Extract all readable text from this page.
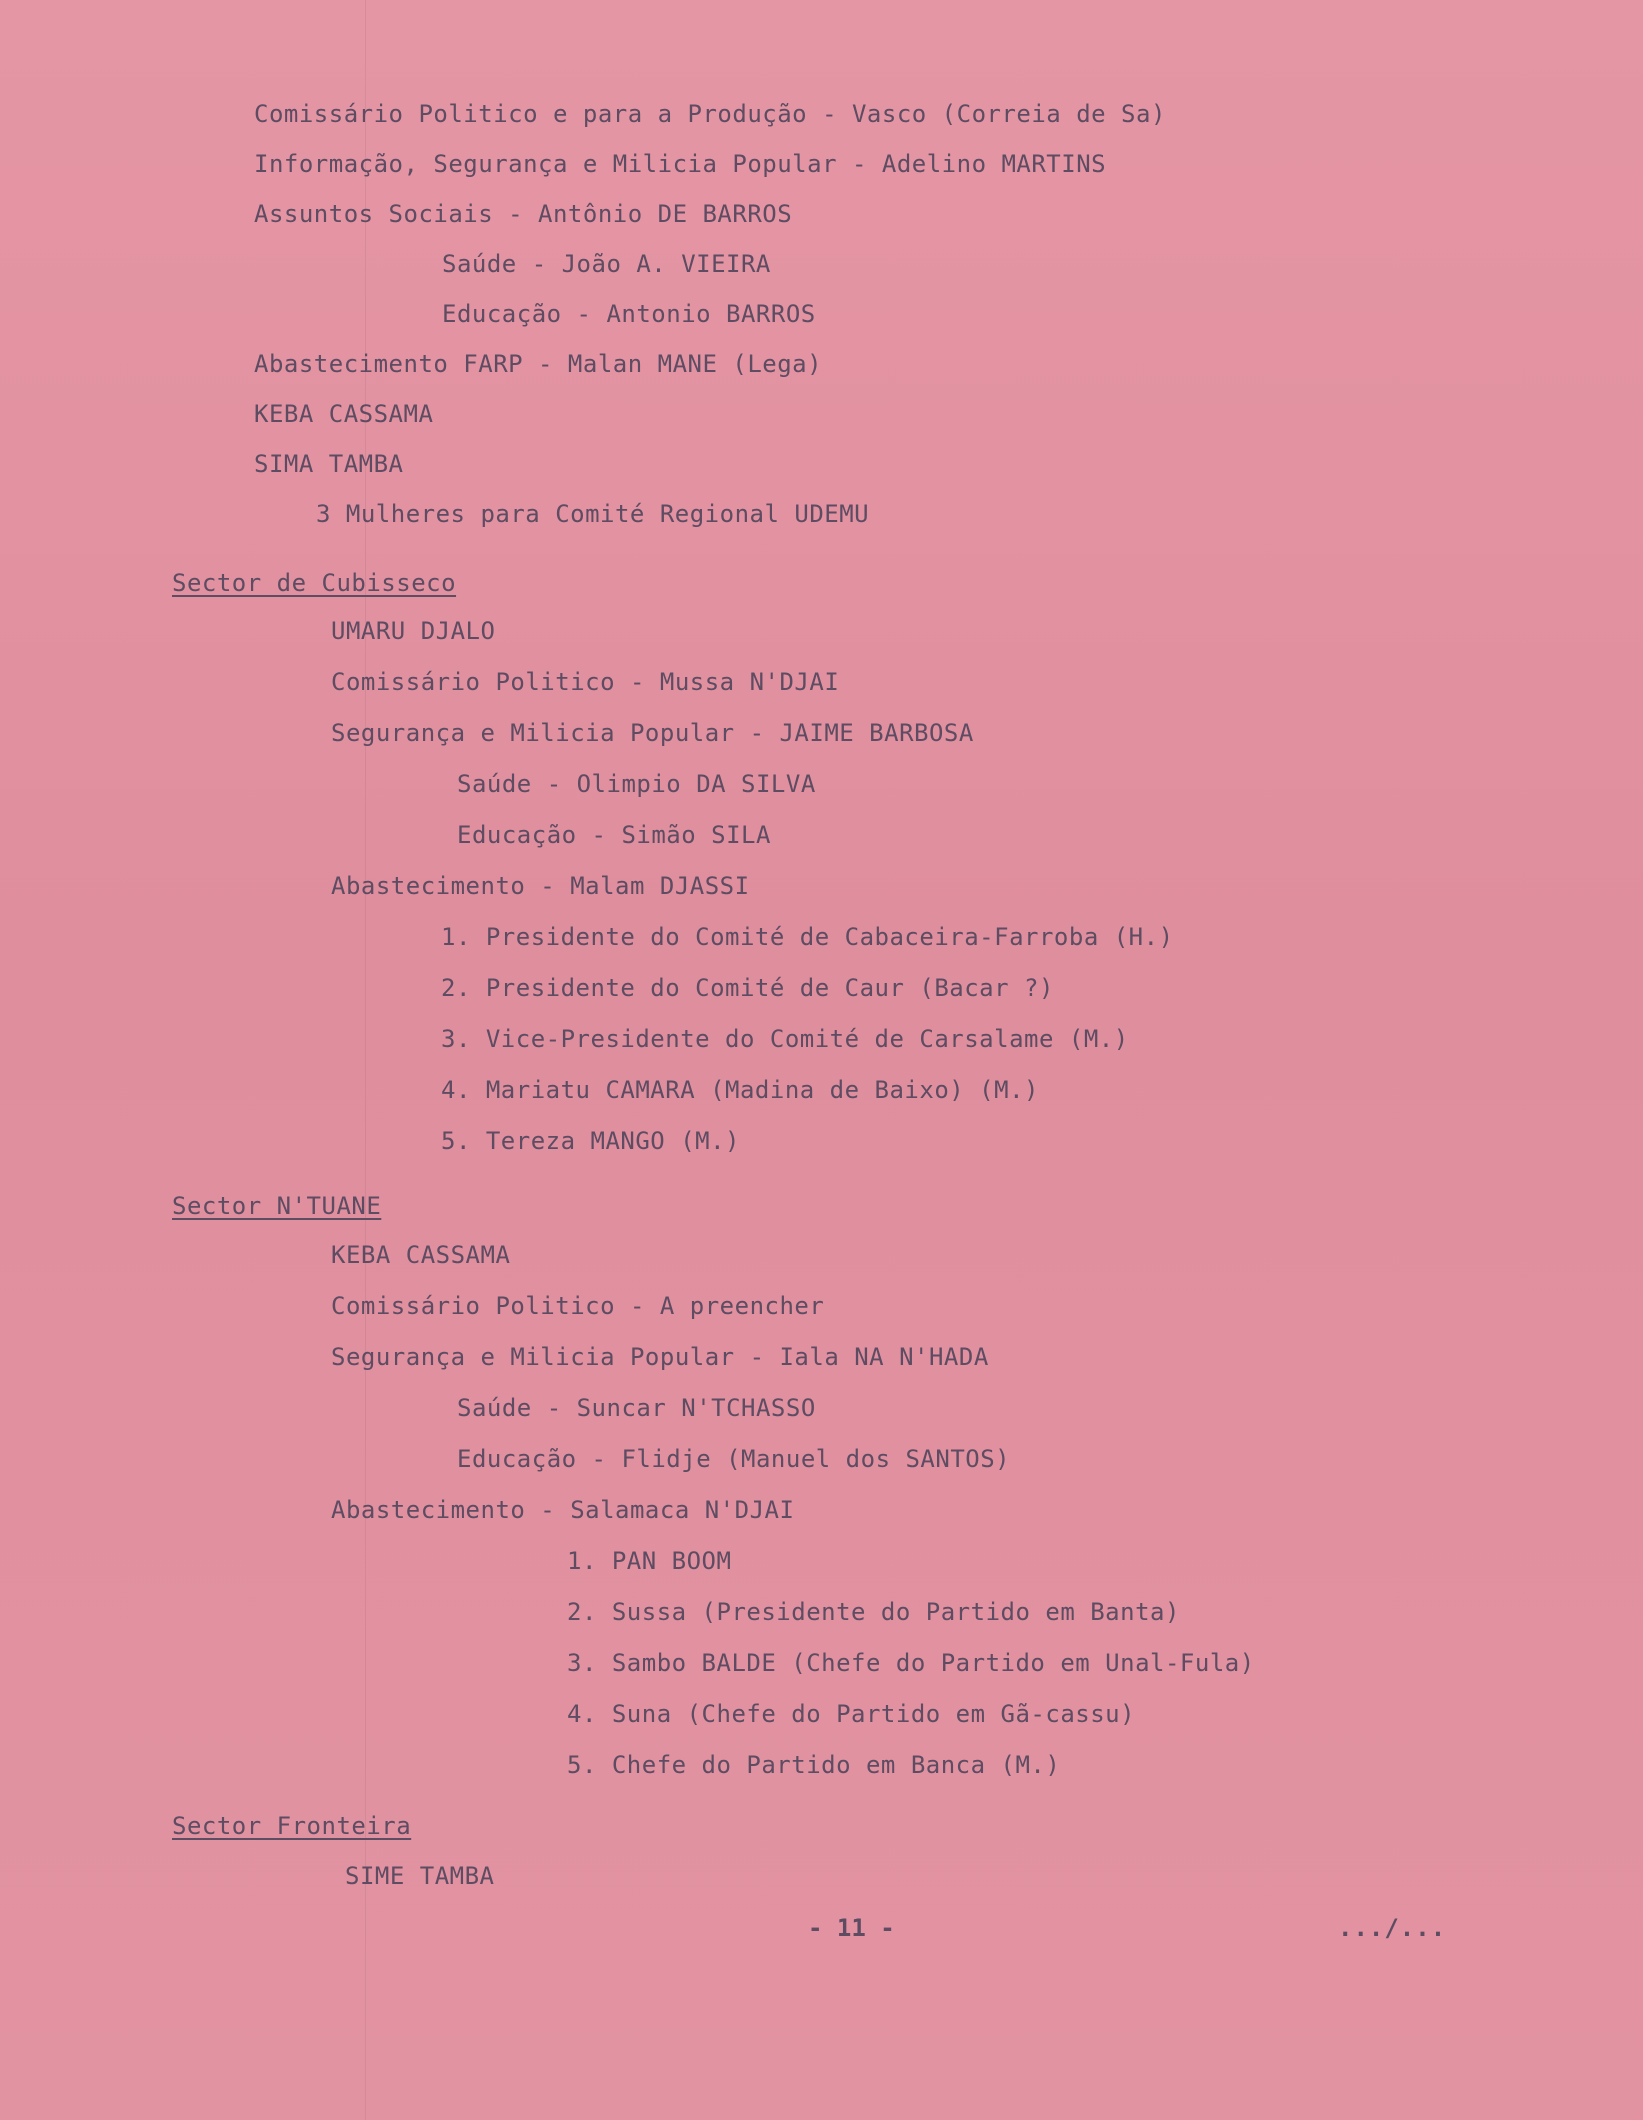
Comissário Politico e para a Produção - Vasco (Correia de Sa)
Informação, Segurança e Milicia Popular - Adelino MARTINS
Assuntos Sociais - Antônio DE BARROS
Saúde - João A. VIEIRA
Educação - Antonio BARROS
Abastecimento FARP - Malan MANE (Lega)
KEBA CASSAMA
SIMA TAMBA
3 Mulheres para Comité Regional UDEMU
Sector de Cubisseco
UMARU DJALO
Comissário Politico - Mussa N'DJAI
Segurança e Milicia Popular - JAIME BARBOSA
Saúde - Olimpio DA SILVA
Educação - Simão SILA
Abastecimento - Malam DJASSI
1. Presidente do Comité de Cabaceira-Farroba (H.)
2. Presidente do Comité de Caur (Bacar ?)
3. Vice-Presidente do Comité de Carsalame (M.)
4. Mariatu CAMARA (Madina de Baixo) (M.)
5. Tereza MANGO (M.)
Sector N'TUANE
KEBA CASSAMA
Comissário Politico - A preencher
Segurança e Milicia Popular - Iala NA N'HADA
Saúde - Suncar N'TCHASSO
Educação - Flidje (Manuel dos SANTOS)
Abastecimento - Salamaca N'DJAI
1. PAN BOOM
2. Sussa (Presidente do Partido em Banta)
3. Sambo BALDE (Chefe do Partido em Unal-Fula)
4. Suna (Chefe do Partido em Gã-cassu)
5. Chefe do Partido em Banca (M.)
Sector Fronteira
SIME TAMBA
- 11 -	.../...
